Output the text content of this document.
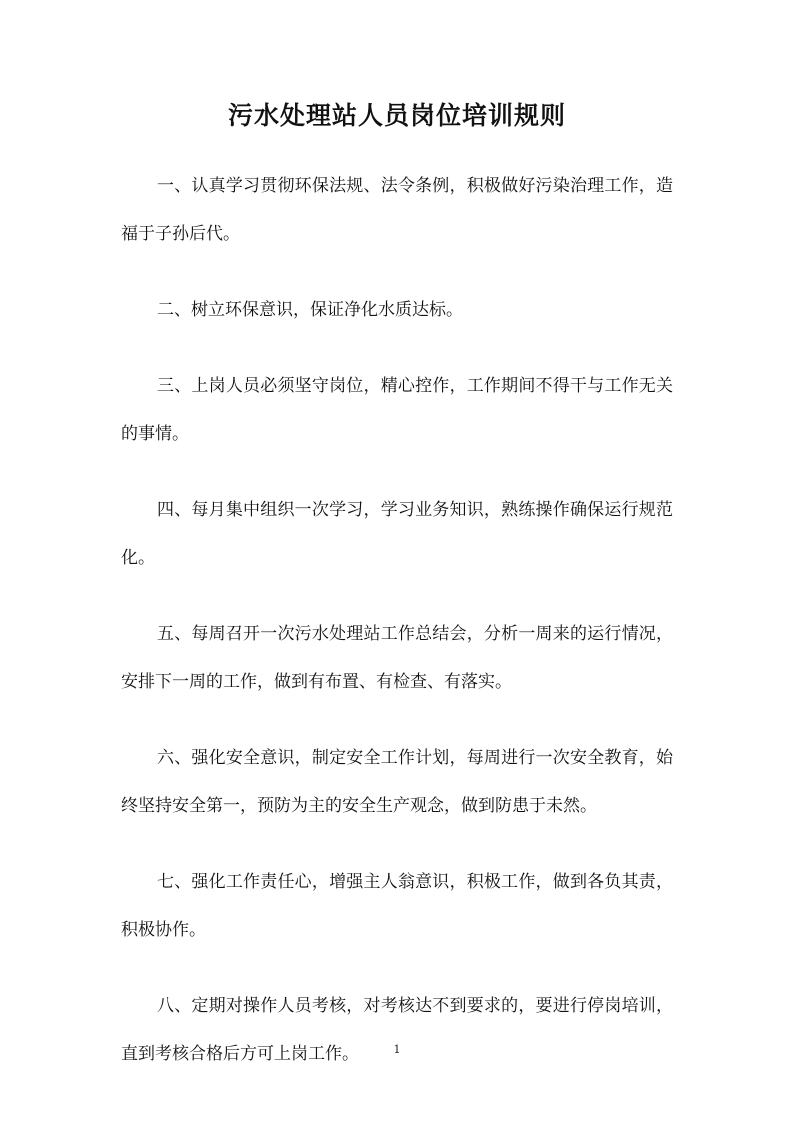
污水处理站人员岗位培训规则

一、认真学习贯彻环保法规、法令条例，积极做好污染治理工作，造福于子孙后代。

二、树立环保意识，保证净化水质达标。

三、上岗人员必须坚守岗位，精心控作，工作期间不得干与工作无关的事情。

四、每月集中组织一次学习，学习业务知识，熟练操作确保运行规范化。

五、每周召开一次污水处理站工作总结会，分析一周来的运行情况，安排下一周的工作，做到有布置、有检查、有落实。

六、强化安全意识，制定安全工作计划，每周进行一次安全教育，始终坚持安全第一，预防为主的安全生产观念，做到防患于未然。

七、强化工作责任心，增强主人翁意识，积极工作，做到各负其责，积极协作。

八、定期对操作人员考核，对考核达不到要求的，要进行停岗培训，直到考核合格后方可上岗工作。	1
